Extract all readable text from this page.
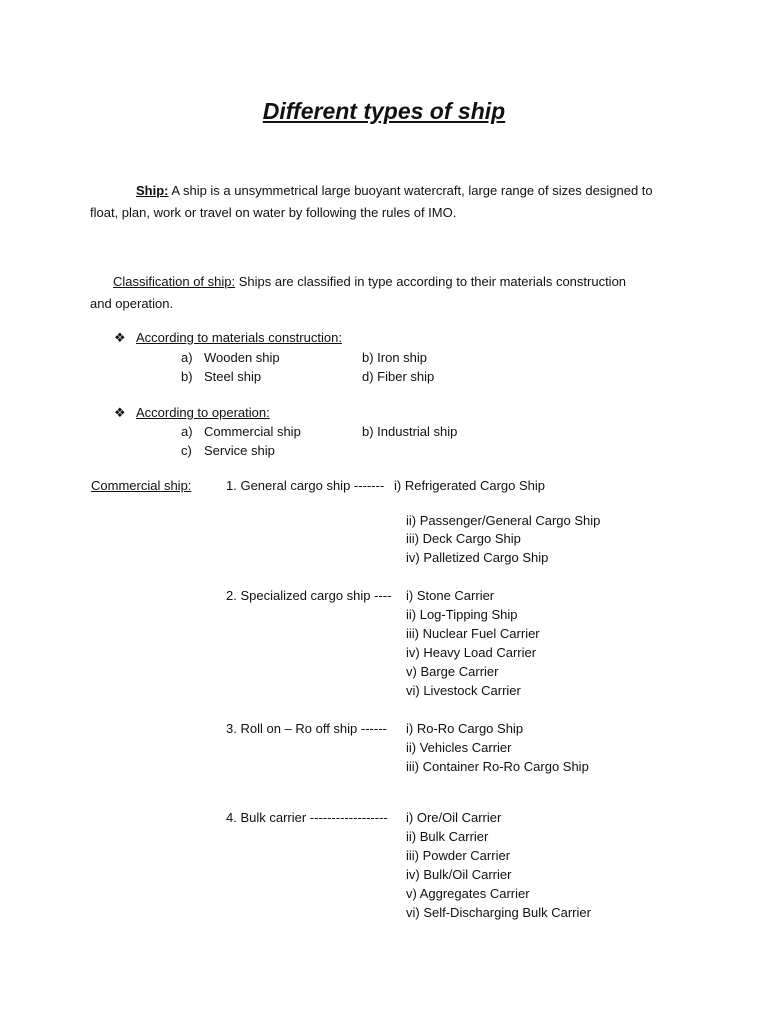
Different types of ship
Ship: A ship is a unsymmetrical large buoyant watercraft, large range of sizes designed to
float, plan, work or travel on water by following the rules of IMO.
Classification of ship: Ships are classified in type according to their materials construction
and operation.
❖ According to materials construction:
a) Wooden ship	b) Iron ship
b) Steel ship	d) Fiber ship
❖ According to operation:
a) Commercial ship	b) Industrial ship
c) Service ship
Commercial ship:	1. General cargo ship ------- i) Refrigerated Cargo Ship
ii) Passenger/General Cargo Ship
iii) Deck Cargo Ship
iv) Palletized Cargo Ship
2. Specialized cargo ship ---- i) Stone Carrier
ii) Log-Tipping Ship
iii) Nuclear Fuel Carrier
iv) Heavy Load Carrier
v) Barge Carrier
vi) Livestock Carrier
3. Roll on – Ro off ship ------ i) Ro-Ro Cargo Ship
ii) Vehicles Carrier
iii) Container Ro-Ro Cargo Ship
4. Bulk carrier ------------------ i) Ore/Oil Carrier
ii) Bulk Carrier
iii) Powder Carrier
iv) Bulk/Oil Carrier
v) Aggregates Carrier
vi) Self-Discharging Bulk Carrier
